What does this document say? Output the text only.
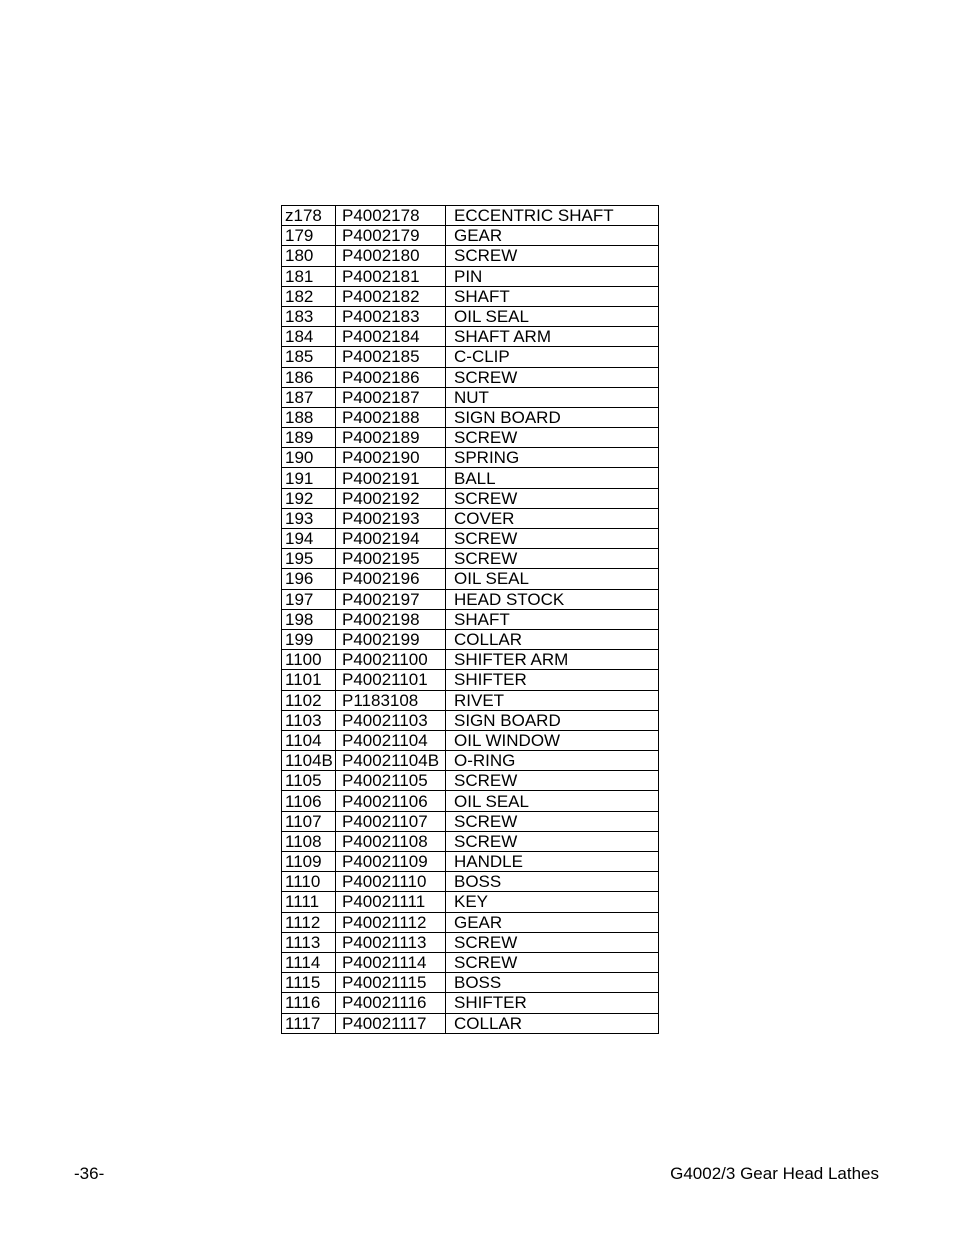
z178	P4002178	ECCENTRIC SHAFT
179	P4002179	GEAR
180	P4002180	SCREW
181	P4002181	PIN
182	P4002182	SHAFT
183	P4002183	OIL SEAL
184	P4002184	SHAFT ARM
185	P4002185	C-CLIP
186	P4002186	SCREW
187	P4002187	NUT
188	P4002188	SIGN BOARD
189	P4002189	SCREW
190	P4002190	SPRING
191	P4002191	BALL
192	P4002192	SCREW
193	P4002193	COVER
194	P4002194	SCREW
195	P4002195	SCREW
196	P4002196	OIL SEAL
197	P4002197	HEAD STOCK
198	P4002198	SHAFT
199	P4002199	COLLAR
1100	P40021100	SHIFTER ARM
1101	P40021101	SHIFTER
1102	P1183108	RIVET
1103	P40021103	SIGN BOARD
1104	P40021104	OIL WINDOW
1104B	P40021104B	O-RING
1105	P40021105	SCREW
1106	P40021106	OIL SEAL
1107	P40021107	SCREW
1108	P40021108	SCREW
1109	P40021109	HANDLE
1110	P40021110	BOSS
1111	P40021111	KEY
1112	P40021112	GEAR
1113	P40021113	SCREW
1114	P40021114	SCREW
1115	P40021115	BOSS
1116	P40021116	SHIFTER
1117	P40021117	COLLAR
-36-	G4002/3 Gear Head Lathes
